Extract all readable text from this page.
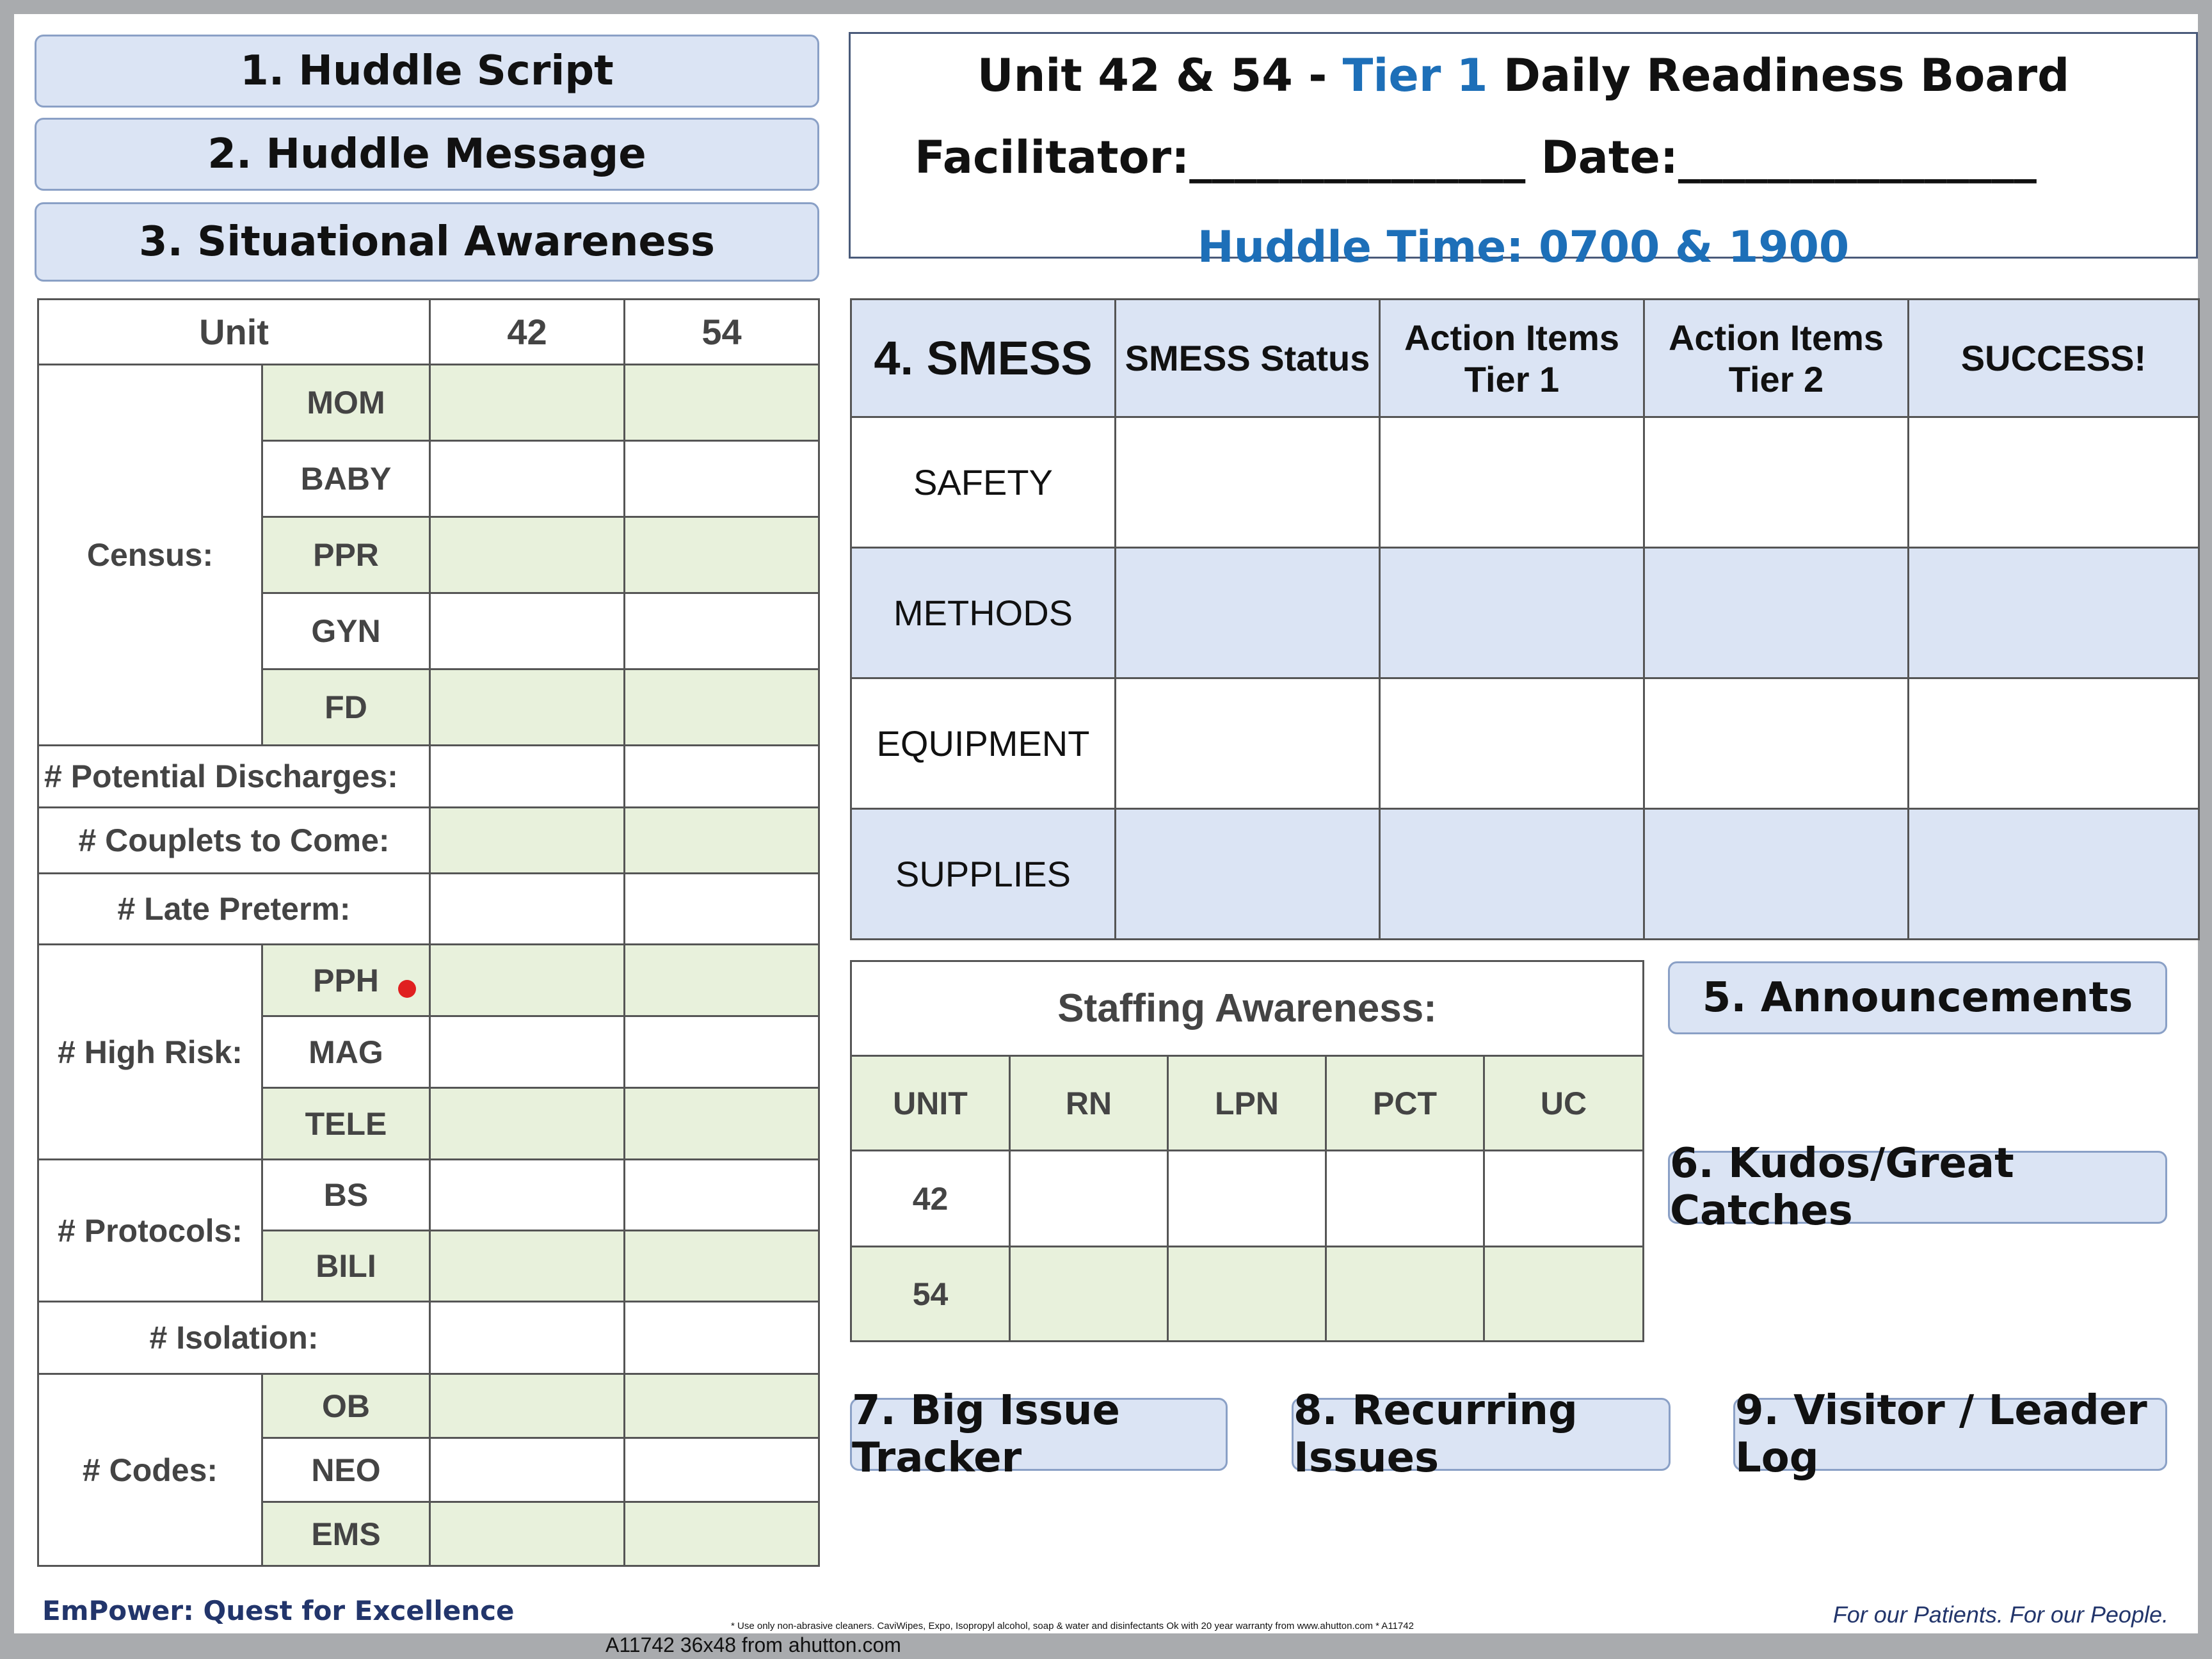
1. Huddle Script
2. Huddle Message
3. Situational Awareness
Unit 42 & 54 - Tier 1 Daily Readiness Board
Facilitator:_______________ Date:________________
Huddle Time: 0700 & 1900
Unit		42	54
Census:	MOM		
	BABY		
	PPR		
	GYN		
	FD		
# Potential Discharges:			
# Couplets to Come:			
# Late Preterm:			
# High Risk:	PPH

	MAG		
	TELE		
# Protocols:	BS		
	BILI		
# Isolation:			
# Codes:	OB		
	NEO		
	EMS		
4. SMESS	SMESS Status	Action Items Tier 1	Action Items Tier 2	SUCCESS!
SAFETY				
METHODS				
EQUIPMENT				
SUPPLIES				
Staffing Awareness:				
UNIT	RN	LPN	PCT	UC
42				
54				
5. Announcements
6. Kudos/Great Catches
7. Big Issue Tracker
8. Recurring Issues
9. Visitor / Leader Log
EmPower: Quest for Excellence	* Use only non-abrasive cleaners. CaviWipes, Expo, Isopropyl alcohol, soap & water and disinfectants Ok with 20 year warranty from www.ahutton.com * A11742	For our Patients. For our People.
A11742 36x48 from ahutton.com
